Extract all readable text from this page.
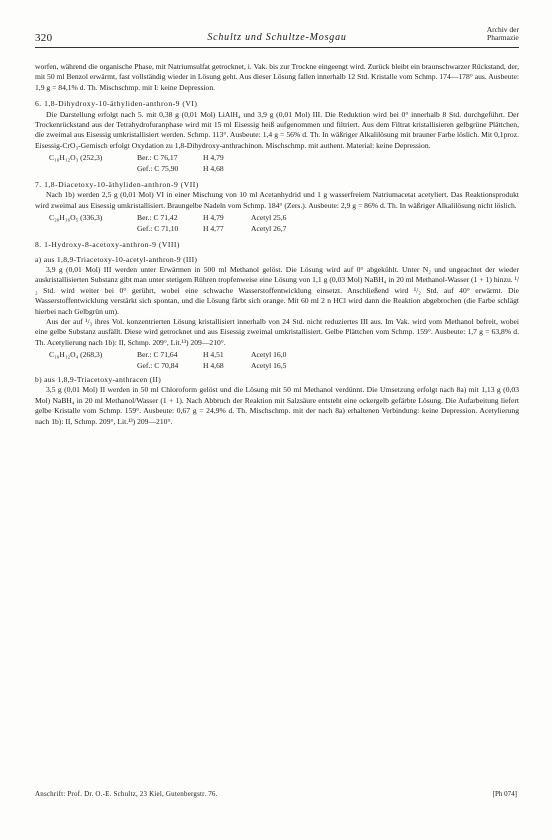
320	Schultz und Schultze-Mosgau
Archiv der
Pharmazie

worfen, während die organische Phase, mit Natriumsulfat getrocknet, i. Vak. bis zur Trockne eingeengt wird. Zurück bleibt ein braunschwarzer Rückstand, der, mit 50 ml Benzol erwärmt, fast vollständig wieder in Lösung geht. Aus dieser Lösung fallen innerhalb 12 Std. Kristalle vom Schmp. 174—178° aus. Ausbeute: 1,9 g = 84,1% d. Th. Mischschmp. mit I: keine Depression.

6. 1,8-Dihydroxy-10-äthyliden-anthron-9 (VI)

Die Darstellung erfolgt nach 5. mit 0,38 g (0,01 Mol) LiAlH₄ und 3,9 g (0,01 Mol) III. Die Reduktion wird bei 0° innerhalb 8 Std. durchgeführt. Der Trockenrückstand aus der Tetrahydrofuranphase wird mit 15 ml Eisessig heiß aufgenommen und filtriert. Aus dem Filtrat kristallisieren gelbgrüne Plättchen, die zweimal aus Eisessig umkristallisiert werden. Schmp. 113°. Ausbeute: 1,4 g = 56% d. Th. In wäßriger Alkalilösung mit brauner Farbe löslich. Mit 0,1proz. Eisessig-CrO₃-Gemisch erfolgt Oxydation zu 1,8-Dihydroxy-anthrachinon. Mischschmp. mit authent. Material: keine Depression.

C₁₆H₁₂O₃ (252,3)	Ber.: C 76,17	H 4,79	
	Gef.: C 75,90	H 4,68	

7. 1,8-Diacetoxy-10-äthyliden-anthron-9 (VII)

Nach 1b) werden 2,5 g (0,01 Mol) VI in einer Mischung von 10 ml Acetanhydrid und 1 g wasserfreiem Natriumacetat acetyliert. Das Reaktionsprodukt wird zweimal aus Eisessig umkristallisiert. Braungelbe Nadeln vom Schmp. 184° (Zers.). Ausbeute: 2,9 g = 86% d. Th. In wäßriger Alkalilösung nicht löslich.

C₂₀H₁₆O₅ (336,3)	Ber.: C 71,42	H 4,79	Acetyl 25,6
	Gef.: C 71,10	H 4,77	Acetyl 26,7

8. 1-Hydroxy-8-acetoxy-anthron-9 (VIII)

a) aus 1,8,9-Triacetoxy-10-acetyl-anthron-9 (III)

3,9 g (0,01 Mol) III werden unter Erwärmen in 500 ml Methanol gelöst. Die Lösung wird auf 0° abgekühlt. Unter N₂ und ungeachtet der wieder auskristallisierten Substanz gibt man unter stetigem Rühren tropfenweise eine Lösung von 1,1 g (0,03 Mol) NaBH₄ in 20 ml Methanol-Wasser (1 + 1) hinzu. ¹/₂ Std. wird weiter bei 0° gerührt, wobei eine schwache Wasserstoffentwicklung einsetzt. Anschließend wird ¹/₂ Std. auf 40° erwärmt. Die Wasserstoffentwicklung verstärkt sich spontan, und die Lösung färbt sich orange. Mit 60 ml 2 n HCl wird dann die Reaktion abgebrochen (die Farbe schlägt hierbei nach Gelbgrün um).

Aus der auf ¹/₃ ihres Vol. konzentrierten Lösung kristallisiert innerhalb von 24 Std. nicht reduziertes III aus. Im Vak. wird vom Methanol befreit, wobei eine gelbe Substanz ausfällt. Diese wird getrocknet und aus Eisessig zweimal umkristallisiert. Gelbe Plättchen vom Schmp. 159°. Ausbeute: 1,7 g = 63,8% d. Th. Acetylierung nach 1b): II, Schmp. 209°, Lit.¹³) 209—210°.

C₁₆H₁₂O₄ (268,3)	Ber.: C 71,64	H 4,51	Acetyl 16,0
	Gef.: C 70,84	H 4,68	Acetyl 16,5

b) aus 1,8,9-Triacetoxy-anthracen (II)

3,5 g (0,01 Mol) II werden in 50 ml Chloroform gelöst und die Lösung mit 50 ml Methanol verdünnt. Die Umsetzung erfolgt nach 8a) mit 1,13 g (0,03 Mol) NaBH₄ in 20 ml Methanol/Wasser (1 + 1). Nach Abbruch der Reaktion mit Salzsäure entsteht eine ockergelb gefärbte Lösung. Die Aufarbeitung liefert gelbe Kristalle vom Schmp. 159°. Ausbeute: 0,67 g = 24,9% d. Th. Mischschmp. mit der nach 8a) erhaltenen Verbindung: keine Depression. Acetylierung nach 1b): II, Schmp. 209°, Lit.¹³) 209—210°.

Anschrift: Prof. Dr. O.-E. Schultz, 23 Kiel, Gutenbergstr. 76.	[Ph 074]
